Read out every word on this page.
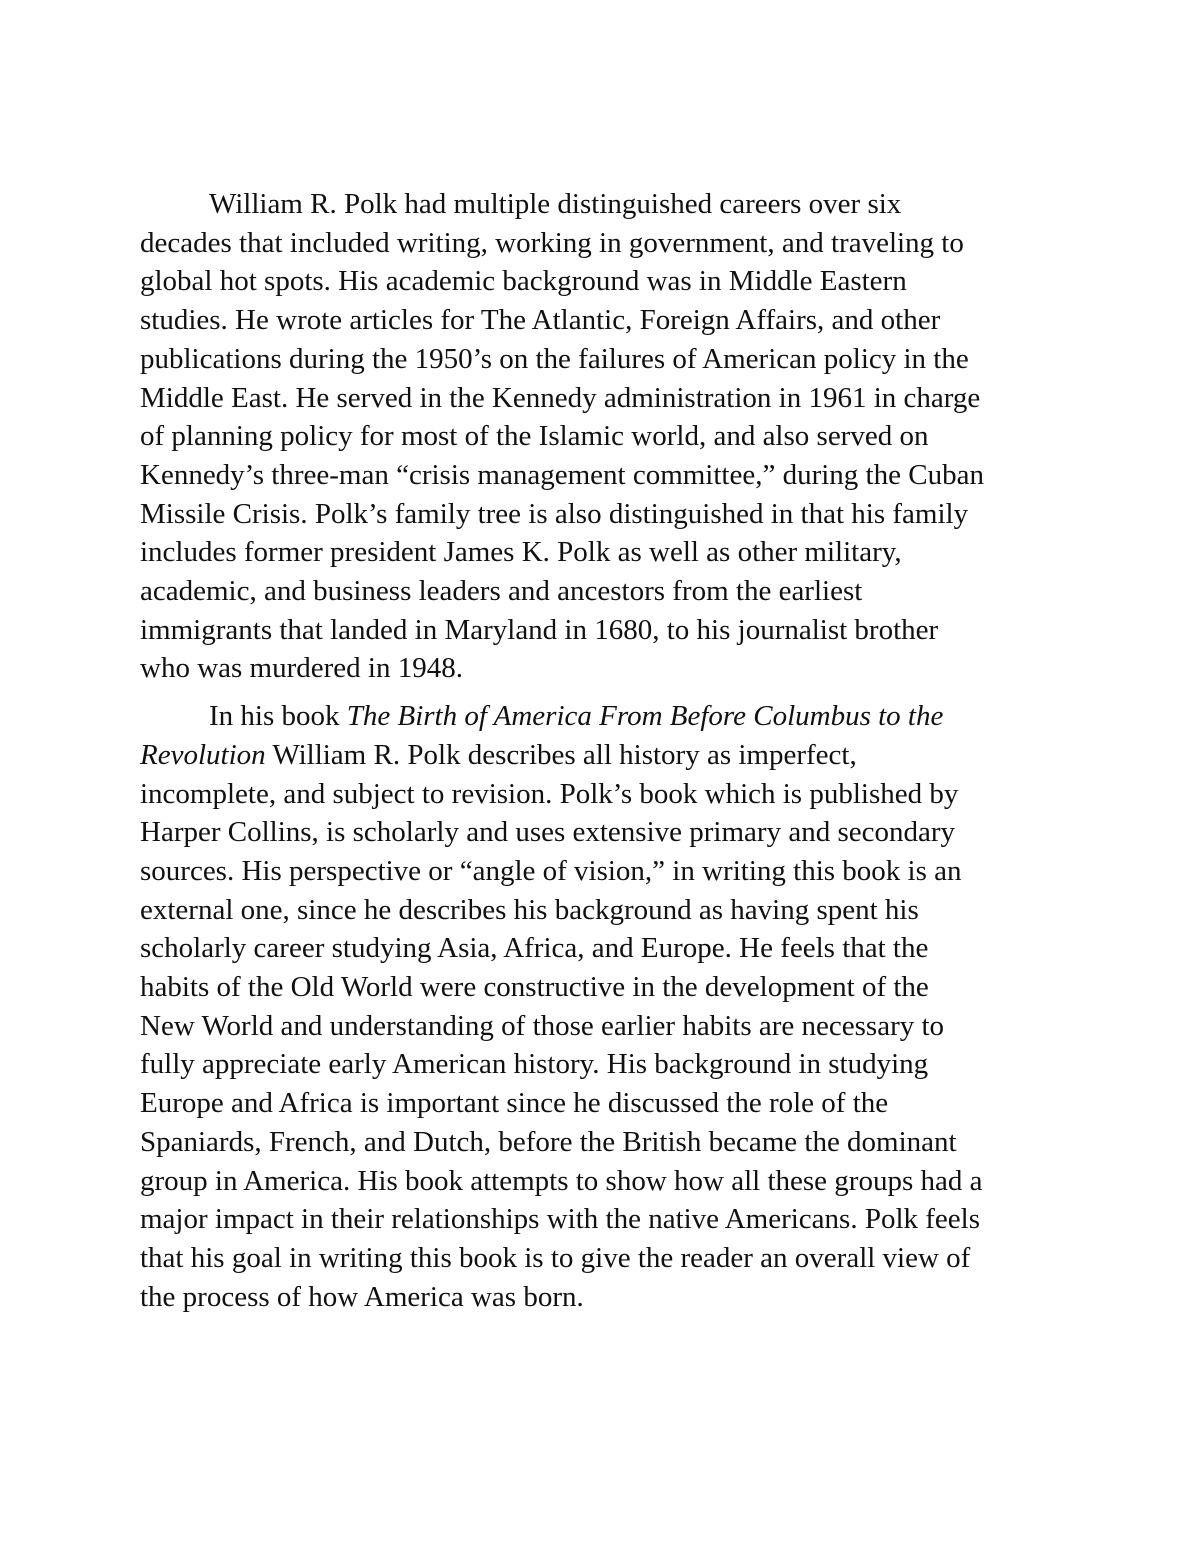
William R. Polk had multiple distinguished careers over six
decades that included writing, working in government, and traveling to
global hot spots. His academic background was in Middle Eastern
studies. He wrote articles for The Atlantic, Foreign Affairs, and other
publications during the 1950’s on the failures of American policy in the
Middle East. He served in the Kennedy administration in 1961 in charge
of planning policy for most of the Islamic world, and also served on
Kennedy’s three-man “crisis management committee,” during the Cuban
Missile Crisis. Polk’s family tree is also distinguished in that his family
includes former president James K. Polk as well as other military,
academic, and business leaders and ancestors from the earliest
immigrants that landed in Maryland in 1680, to his journalist brother
who was murdered in 1948.
In his book The Birth of America From Before Columbus to the
Revolution William R. Polk describes all history as imperfect,
incomplete, and subject to revision. Polk’s book which is published by
Harper Collins, is scholarly and uses extensive primary and secondary
sources. His perspective or “angle of vision,” in writing this book is an
external one, since he describes his background as having spent his
scholarly career studying Asia, Africa, and Europe. He feels that the
habits of the Old World were constructive in the development of the
New World and understanding of those earlier habits are necessary to
fully appreciate early American history. His background in studying
Europe and Africa is important since he discussed the role of the
Spaniards, French, and Dutch, before the British became the dominant
group in America. His book attempts to show how all these groups had a
major impact in their relationships with the native Americans. Polk feels
that his goal in writing this book is to give the reader an overall view of
the process of how America was born.
